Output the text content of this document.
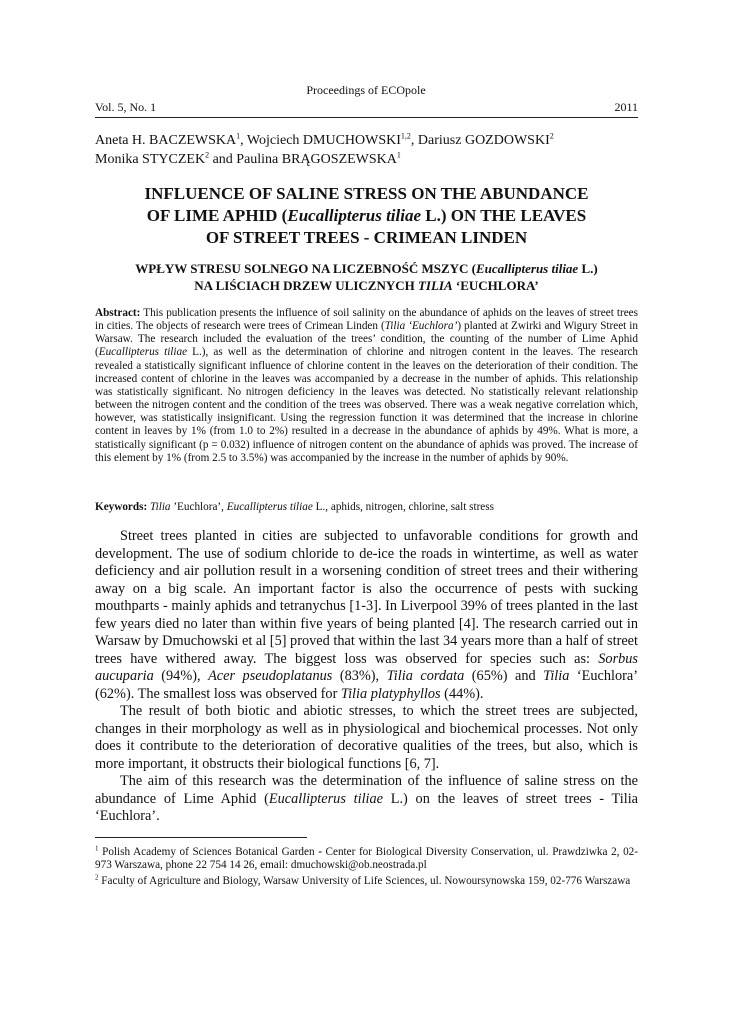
Proceedings of ECOpole
Vol. 5, No. 1	2011
Aneta H. BACZEWSKA$^1$, Wojciech DMUCHOWSKI$^{1,2}$, Dariusz GOZDOWSKI$^2$
Monika STYCZEK$^2$ and Paulina BRĄGOSZEWSKA$^1$
INFLUENCE OF SALINE STRESS ON THE ABUNDANCE
OF LIME APHID (Eucallipterus tiliae L.) ON THE LEAVES
OF STREET TREES - CRIMEAN LINDEN
WPŁYW STRESU SOLNEGO NA LICZEBNOŚĆ MSZYC (Eucallipterus tiliae L.)
NA LIŚCIACH DRZEW ULICZNYCH TILIA ‘EUCHLORA’
Abstract: This publication presents the influence of soil salinity on the abundance of aphids on the leaves of street trees in cities. The objects of research were trees of Crimean Linden (Tilia ‘Euchlora’) planted at Zwirki and Wigury Street in Warsaw. The research included the evaluation of the trees’ condition, the counting of the number of Lime Aphid (Eucallipterus tiliae L.), as well as the determination of chlorine and nitrogen content in the leaves. The research revealed a statistically significant influence of chlorine content in the leaves on the deterioration of their condition. The increased content of chlorine in the leaves was accompanied by a decrease in the number of aphids. This relationship was statistically significant. No nitrogen deficiency in the leaves was detected. No statistically relevant relationship between the nitrogen content and the condition of the trees was observed. There was a weak negative correlation which, however, was statistically insignificant. Using the regression function it was determined that the increase in chlorine content in leaves by 1% (from 1.0 to 2%) resulted in a decrease in the abundance of aphids by 49%. What is more, a statistically significant (p = 0.032) influence of nitrogen content on the abundance of aphids was proved. The increase of this element by 1% (from 2.5 to 3.5%) was accompanied by the increase in the number of aphids by 90%.
Keywords: Tilia ’Euchlora’, Eucallipterus tiliae L., aphids, nitrogen, chlorine, salt stress

Street trees planted in cities are subjected to unfavorable conditions for growth and development. The use of sodium chloride to de-ice the roads in wintertime, as well as water deficiency and air pollution result in a worsening condition of street trees and their withering away on a big scale. An important factor is also the occurrence of pests with sucking mouthparts - mainly aphids and tetranychus [1-3]. In Liverpool 39% of trees planted in the last few years died no later than within five years of being planted [4]. The research carried out in Warsaw by Dmuchowski et al [5] proved that within the last 34 years more than a half of street trees have withered away. The biggest loss was observed for species such as: Sorbus aucuparia (94%), Acer pseudoplatanus (83%), Tilia cordata (65%) and Tilia ‘Euchlora’ (62%). The smallest loss was observed for Tilia platyphyllos (44%).

The result of both biotic and abiotic stresses, to which the street trees are subjected, changes in their morphology as well as in physiological and biochemical processes. Not only does it contribute to the deterioration of decorative qualities of the trees, but also, which is more important, it obstructs their biological functions [6, 7].

The aim of this research was the determination of the influence of saline stress on the abundance of Lime Aphid (Eucallipterus tiliae L.) on the leaves of street trees - Tilia ‘Euchlora’.

$^1$ Polish Academy of Sciences Botanical Garden - Center for Biological Diversity Conservation, ul. Prawdziwka 2, 02-973 Warszawa, phone 22 754 14 26, email: dmuchowski@ob.neostrada.pl

$^2$ Faculty of Agriculture and Biology, Warsaw University of Life Sciences, ul. Nowoursynowska 159, 02-776 Warszawa
